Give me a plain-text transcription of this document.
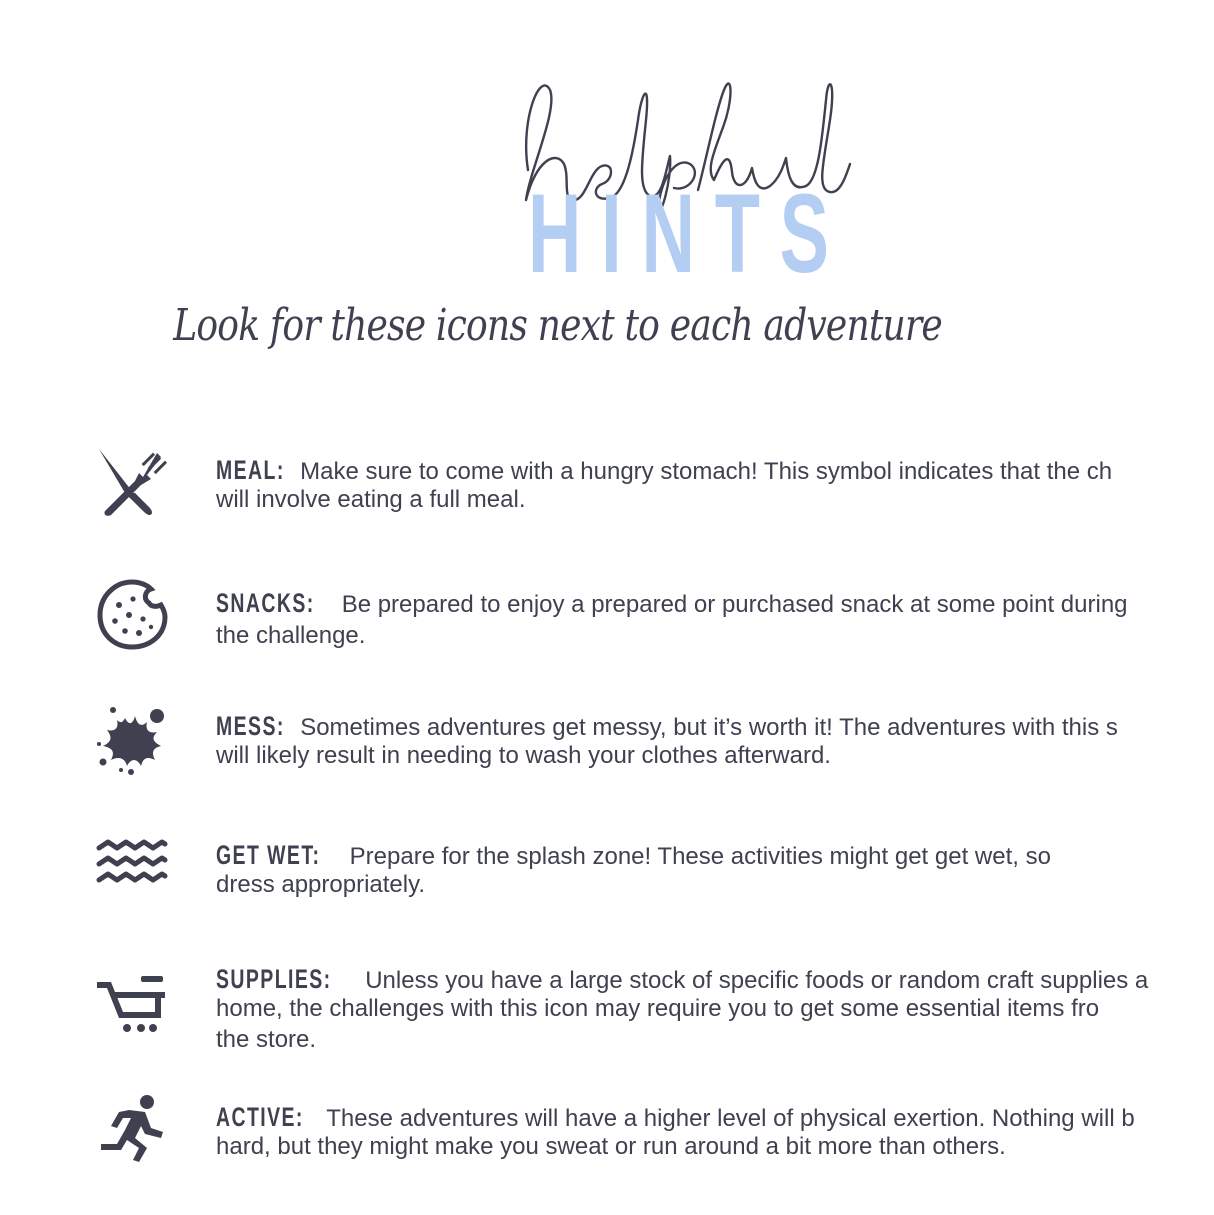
HINTS
Look for these icons next to each adventure
MEAL: Make sure to come with a hungry stomach! This symbol indicates that the ch
will involve eating a full meal.
SNACKS: Be prepared to enjoy a prepared or purchased snack at some point during
the challenge.
MESS: Sometimes adventures get messy, but it’s worth it! The adventures with this s
will likely result in needing to wash your clothes afterward.
GET WET: Prepare for the splash zone! These activities might get get wet, so
dress appropriately.
SUPPLIES: Unless you have a large stock of specific foods or random craft supplies a
home, the challenges with this icon may require you to get some essential items fro
the store.
ACTIVE: These adventures will have a higher level of physical exertion. Nothing will b
hard, but they might make you sweat or run around a bit more than others.
